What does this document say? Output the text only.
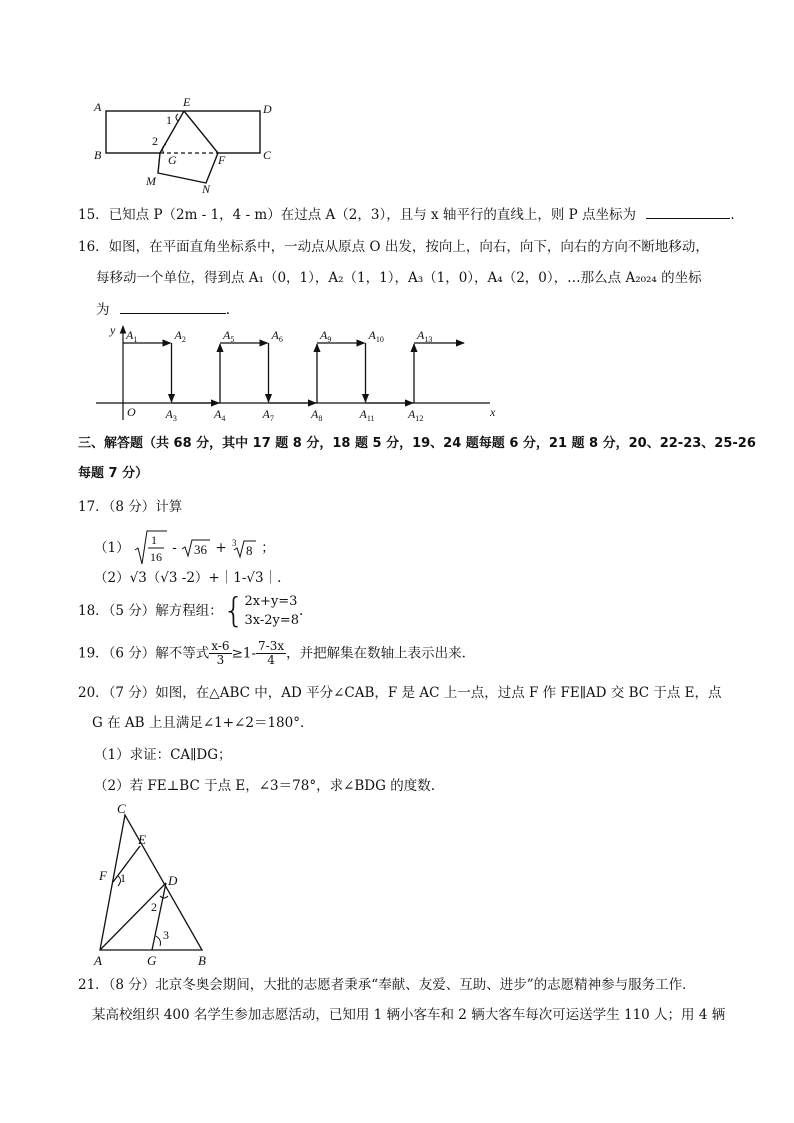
A	E	D
B	C
G	F
M
N
1
2
15．已知点 P（2m - 1，4 - m）在过点 A（2，3），且与 x 轴平行的直线上，则 P 点坐标为	.
16．如图，在平面直角坐标系中，一动点从原点 O 出发，按向上，向右，向下，向右的方向不断地移动，
每移动一个单位，得到点 A₁（0，1），A₂（1，1），A₃（1，0），A₄（2，0），…那么点 A₂₀₂₄ 的坐标
为	.
y
x
O
$A_1$	$A_2$	$A_5$	$A_6$	$A_9$	$A_{10}$	$A_{13}$
$A_3$	$A_4$	$A_7$	$A_8$	$A_{11}$	$A_{12}$
三、解答题（共 68 分，其中 17 题 8 分，18 题 5 分，19、24 题每题 6 分，21 题 8 分，20、22-23、25-26
每题 7 分）
17．（8 分）计算
（1） 1
16
- 36 + 3 8 ；
（2）√3（√3 -2）+｜1-√3｜.
18．（5 分）解方程组：{ 2x+y=3
3x-2y=8
.
19．（6 分）解不等式 $\frac{x-6}{3} \ge 1- \frac{7-3x}{4}$ ，并把解集在数轴上表示出来.
20．（7 分）如图，在△ABC 中，AD 平分∠CAB，F 是 AC 上一点，过点 F 作 FE∥AD 交 BC 于点 E，点
G 在 AB 上且满足∠1+∠2＝180°．
（1）求证：CA∥DG；
（2）若 FE⊥BC 于点 E，∠3＝78°，求∠BDG 的度数.
C
E
F	D
A	G	B
1
2
3
21．（8 分）北京冬奥会期间，大批的志愿者秉承“奉献、友爱、互助、进步”的志愿精神参与服务工作．
某高校组织 400 名学生参加志愿活动，已知用 1 辆小客车和 2 辆大客车每次可运送学生 110 人；用 4 辆
